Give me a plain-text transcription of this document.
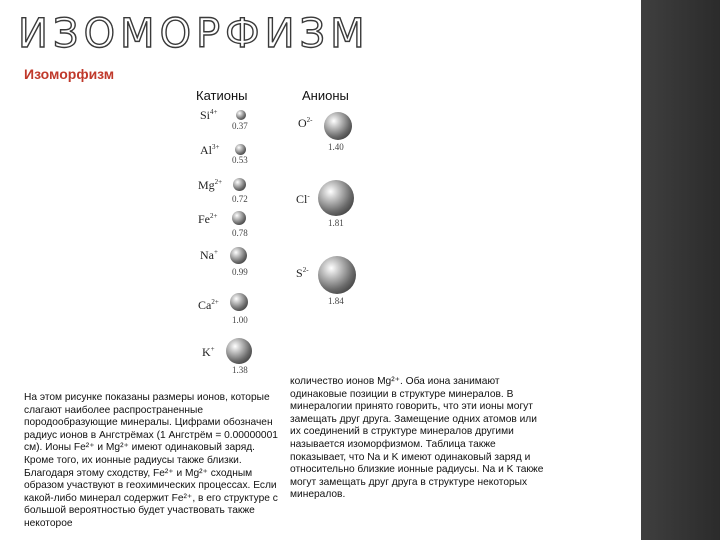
ИЗОМОРФИЗМ
Изоморфизм
Катионы	Анионы
$Si^{4+}$
0.37
$Al^{3+}$
0.53
$Mg^{2+}$
0.72
$Fe^{2+}$
0.78
Na+
0.99
$Ca^{2+}$
1.00
K+
1.38
$O^{2-}$
1.40
Cl-
1.81
$S^{2-}$
1.84

На этом рисунке показаны размеры ионов, которые слагают наиболее распространенные породообразующие минералы. Цифрами обозначен радиус ионов в Ангстрёмах (1 Ангстрём = 0.00000001 см). Ионы Fe²⁺ и Mg²⁺ имеют одинаковый заряд. Кроме того, их ионные радиусы также близки. Благодаря этому сходству, Fe²⁺ и Mg²⁺ сходным образом участвуют в геохимических процессах. Если какой-либо минерал содержит Fe²⁺, в его структуре с большой вероятностью будет участвовать также некоторое

количество ионов Mg²⁺. Оба иона занимают одинаковые позиции в структуре минералов. В минералогии принято говорить, что эти ионы могут замещать друг друга. Замещение одних атомов или их соединений в структуре минералов другими называется изоморфизмом. Таблица также показывает, что Na и K имеют одинаковый заряд и относительно близкие ионные радиусы. Na и K также могут замещать друг друга в структуре некоторых минералов.
